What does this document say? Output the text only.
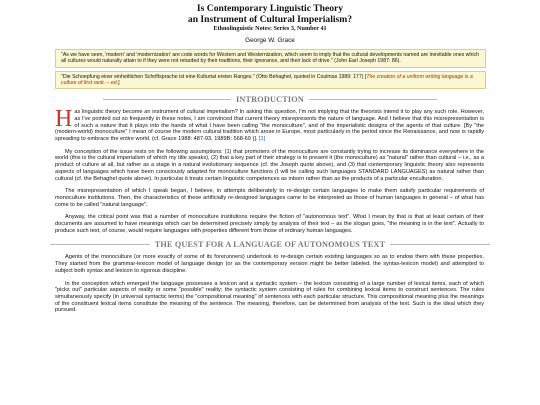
Is Contemporary Linguistic Theory
an Instrument of Cultural Imperialism?
Ethnolinguistic Notes: Series 3, Number 41
George W. Grace
"As we have seen, 'modern' and 'modernization' are code words for Western and Westernization, which seem to imply that the cultural developments named are inevitable ones which all cultures would naturally attain to if they were not retarded by their traditions, their ignorance, and their lack of drive." (John Earl Joseph 1987: 86).
"Die Schoepfung einer einheitlichen Schriftsprache ist eine Kulturtat ersten Ranges." (Otto Behaghel, quoted in Coulmas 1989: 177) [The creation of a uniform writing language is a culture of first rank. – ed.]
INTRODUCTION

Has linguistic theory become an instrument of cultural imperialism? In asking this question, I'm not implying that the theorists intend it to play any such role. However, as I've pointed out so frequently in these notes, I am convinced that current theory misrepresents the nature of language. And I believe that this misrepresentation is of such a nature that it plays into the hands of what I have been calling "the monoculture", and of the imperialistic designs of the agents of that culture. [By "the (modern-world) monoculture" I mean of course the modern cultural tradition which arose in Europe, most particularly in the period since the Renaissance, and now is rapidly spreading to embrace the entire world. (cf. Grace 1988: 487-93, 1989B: 568-69 )]. [1]

My conception of the issue rests on the following assumptions: (1) that promoters of the monoculture are constantly trying to increase its dominance everywhere in the world (this is the cultural imperialism of which my title speaks), (2) that a key part of their strategy is to present it (the monoculture) as "natural" rather than cultural – i.e., as a product of culture at all, but rather as a stage in a natural evolutionary sequence (cf. the Joseph quote above), and (3) that contemporary linguistic theory also represents aspects of languages which have been consciously adapted for monoculture functions (I will be calling such languages STANDARD LANGUAGES) as natural rather than cultural (cf. the Behaghel quote above). In particular it treats certain linguistic competences as inborn rather than as the products of a particular enculturation.

The misrepresentation of which I speak began, I believe, in attempts deliberately to re-design certain languages to make them satisfy particular requirements of monoculture institutions. Then, the characteristics of these artificially re-designed languages came to be interpreted as those of human languages in general – of what has come to be called "natural language".

Anyway, the critical point was that a number of monoculture institutions require the fiction of "autonomous text". What I mean by that is that at least certain of their documents are assumed to have meanings which can be determined precisely simply by analysis of their text – as the slogan goes, "the meaning is in the text". Actually to produce such text, of course, would require languages with properties different from those of ordinary human languages.

THE QUEST FOR A LANGUAGE OF AUTONOMOUS TEXT

Agents of the monoculture (or more exactly of some of its forerunners) undertook to re-design certain existing languages so as to endow them with these properties. They started from the grammar-lexicon model of language design (or as the contemporary version might be better labeled, the syntax-lexicon model) and attempted to subject both syntax and lexicon to rigorous discipline.

In the conception which emerged the language possesses a lexicon and a syntactic system – the lexicon consisting of a large number of lexical items, each of which "picks out" particular aspects of reality or some "possible" reality; the syntactic system consisting of rules for combining lexical items to construct sentences. The rules simultaneously specify (in universal syntactic terms) the "compositional meaning" of sentences with each particular structure. This compositional meaning plus the meanings of the constituent lexical items constitute the meaning of the sentence. The meaning, therefore, can be determined from analysis of the text. Such is the ideal which they pursued.
